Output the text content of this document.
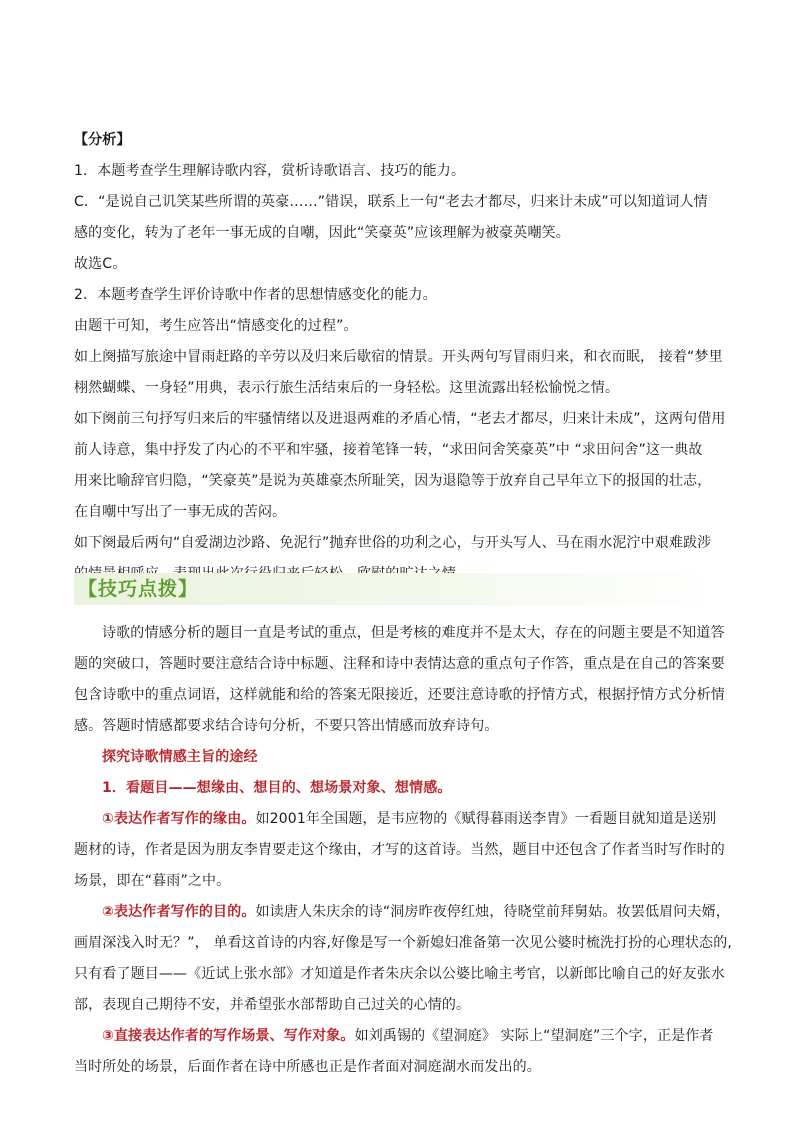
【分析】
1．本题考查学生理解诗歌内容，赏析诗歌语言、技巧的能力。
C．“是说自己讥笑某些所谓的英豪……”错误，联系上一句“老去才都尽，归来计未成”可以知道词人情
感的变化，转为了老年一事无成的自嘲，因此“笑豪英”应该理解为被豪英嘲笑。
故选C。
2．本题考查学生评价诗歌中作者的思想情感变化的能力。
由题干可知，考生应答出“情感变化的过程”。
如上阕描写旅途中冒雨赶路的辛劳以及归来后歇宿的情景。开头两句写冒雨归来，和衣而眠， 接着“梦里
栩然蝴蝶、一身轻”用典，表示行旅生活结束后的一身轻松。这里流露出轻松愉悦之情。
如下阕前三句抒写归来后的牢骚情绪以及进退两难的矛盾心情，“老去才都尽，归来计未成”，这两句借用
前人诗意，集中抒发了内心的不平和牢骚，接着笔锋一转，“求田问舍笑豪英”中 “求田问舍”这一典故
用来比喻辞官归隐，“笑豪英”是说为英雄豪杰所耻笑，因为退隐等于放弃自己早年立下的报国的壮志，
在自嘲中写出了一事无成的苦闷。
如下阕最后两句“自爱湖边沙路、免泥行”抛弃世俗的功利之心，与开头写人、马在雨水泥泞中艰难跋涉
【技巧点拨】
诗歌的情感分析的题目一直是考试的重点，但是考核的难度并不是太大，存在的问题主要是不知道答
题的突破口，答题时要注意结合诗中标题、注释和诗中表情达意的重点句子作答，重点是在自己的答案要
包含诗歌中的重点词语，这样就能和给的答案无限接近，还要注意诗歌的抒情方式，根据抒情方式分析情
感。答题时情感都要求结合诗句分析，不要只答出情感而放弃诗句。
探究诗歌情感主旨的途经
1．看题目——想缘由、想目的、想场景对象、想情感。
①表达作者写作的缘由。如2001年全国题，是韦应物的《赋得暮雨送李胄》一看题目就知道是送别
题材的诗，作者是因为朋友李胄要走这个缘由，才写的这首诗。当然，题目中还包含了作者当时写作时的
场景，即在“暮雨”之中。
②表达作者写作的目的。如读唐人朱庆余的诗“洞房昨夜停红烛，待晓堂前拜舅姑。妆罢低眉问夫婿，
画眉深浅入时无？”， 单看这首诗的内容,好像是写一个新媳妇准备第一次见公婆时梳洗打扮的心理状态的,
只有看了题目——《近试上张水部》才知道是作者朱庆余以公婆比喻主考官，以新郎比喻自己的好友张水
部，表现自己期待不安，并希望张水部帮助自己过关的心情的。
③直接表达作者的写作场景、写作对象。如刘禹锡的《望洞庭》 实际上“望洞庭”三个字，正是作者
当时所处的场景，后面作者在诗中所感也正是作者面对洞庭湖水而发出的。
